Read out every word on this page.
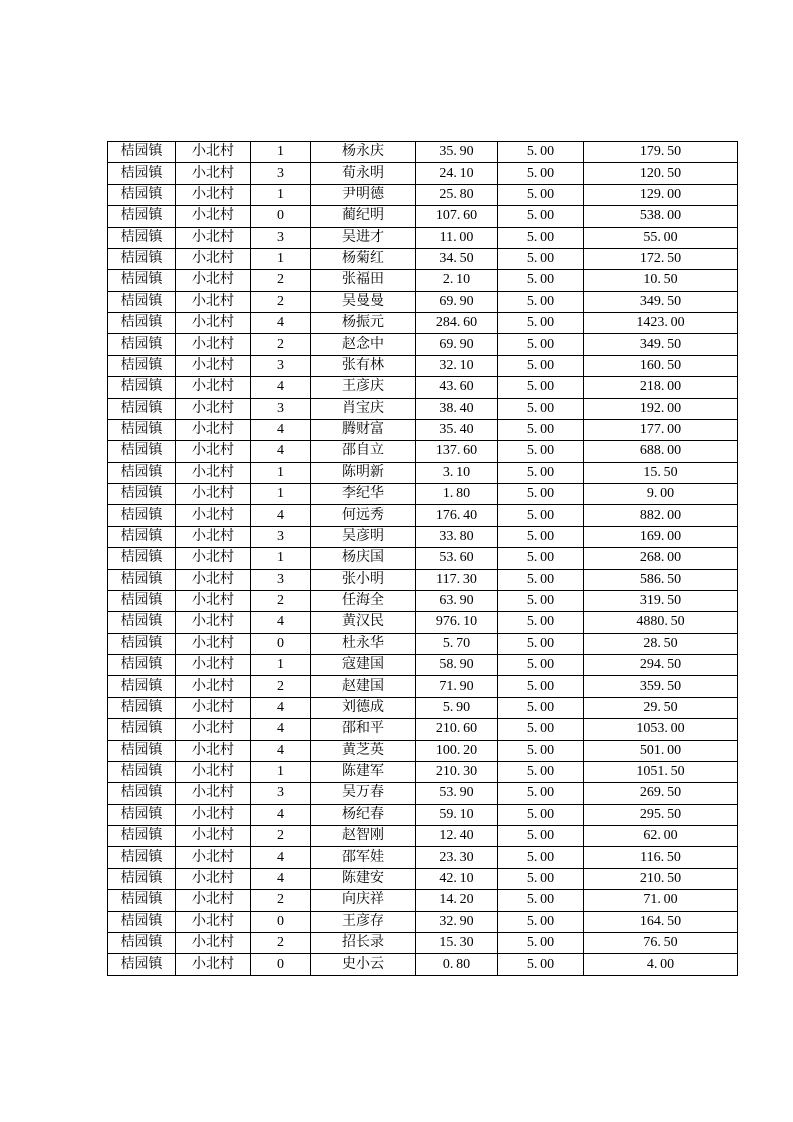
桔园镇	小北村	1	杨永庆	35. 90	5. 00	179. 50
桔园镇	小北村	3	荀永明	24. 10	5. 00	120. 50
桔园镇	小北村	1	尹明德	25. 80	5. 00	129. 00
桔园镇	小北村	0	蔺纪明	107. 60	5. 00	538. 00
桔园镇	小北村	3	吴进才	11. 00	5. 00	55. 00
桔园镇	小北村	1	杨菊红	34. 50	5. 00	172. 50
桔园镇	小北村	2	张福田	2. 10	5. 00	10. 50
桔园镇	小北村	2	吴曼曼	69. 90	5. 00	349. 50
桔园镇	小北村	4	杨振元	284. 60	5. 00	1423. 00
桔园镇	小北村	2	赵念中	69. 90	5. 00	349. 50
桔园镇	小北村	3	张有林	32. 10	5. 00	160. 50
桔园镇	小北村	4	王彦庆	43. 60	5. 00	218. 00
桔园镇	小北村	3	肖宝庆	38. 40	5. 00	192. 00
桔园镇	小北村	4	腾财富	35. 40	5. 00	177. 00
桔园镇	小北村	4	邵自立	137. 60	5. 00	688. 00
桔园镇	小北村	1	陈明新	3. 10	5. 00	15. 50
桔园镇	小北村	1	李纪华	1. 80	5. 00	9. 00
桔园镇	小北村	4	何远秀	176. 40	5. 00	882. 00
桔园镇	小北村	3	吴彦明	33. 80	5. 00	169. 00
桔园镇	小北村	1	杨庆国	53. 60	5. 00	268. 00
桔园镇	小北村	3	张小明	117. 30	5. 00	586. 50
桔园镇	小北村	2	任海全	63. 90	5. 00	319. 50
桔园镇	小北村	4	黄汉民	976. 10	5. 00	4880. 50
桔园镇	小北村	0	杜永华	5. 70	5. 00	28. 50
桔园镇	小北村	1	寇建国	58. 90	5. 00	294. 50
桔园镇	小北村	2	赵建国	71. 90	5. 00	359. 50
桔园镇	小北村	4	刘德成	5. 90	5. 00	29. 50
桔园镇	小北村	4	邵和平	210. 60	5. 00	1053. 00
桔园镇	小北村	4	黄芝英	100. 20	5. 00	501. 00
桔园镇	小北村	1	陈建军	210. 30	5. 00	1051. 50
桔园镇	小北村	3	吴万春	53. 90	5. 00	269. 50
桔园镇	小北村	4	杨纪春	59. 10	5. 00	295. 50
桔园镇	小北村	2	赵智刚	12. 40	5. 00	62. 00
桔园镇	小北村	4	邵军娃	23. 30	5. 00	116. 50
桔园镇	小北村	4	陈建安	42. 10	5. 00	210. 50
桔园镇	小北村	2	向庆祥	14. 20	5. 00	71. 00
桔园镇	小北村	0	王彦存	32. 90	5. 00	164. 50
桔园镇	小北村	2	招长录	15. 30	5. 00	76. 50
桔园镇	小北村	0	史小云	0. 80	5. 00	4. 00
